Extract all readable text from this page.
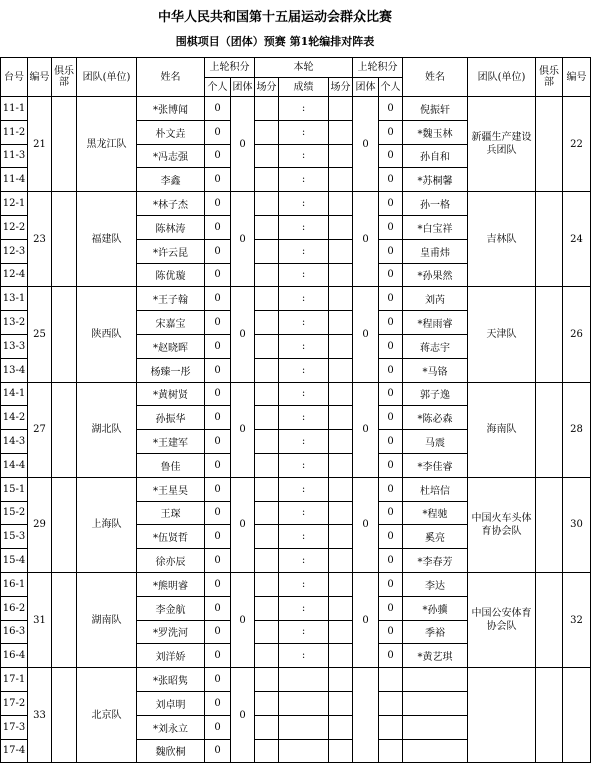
中华人民共和国第十五届运动会群众比赛
围棋项目（团体）预赛 第1轮编排对阵表
台号	编号	俱乐部	团队(单位)	姓名	上轮积分		本轮			上轮积分		姓名	团队(单位)	俱乐部	编号
					个人	团体	场分	成绩	场分	团体	个人				
11-1	21		黑龙江队	*张博闻	0	0		:		0	0	倪振轩	新疆生产建设兵团队		22
11-2				朴文垚	0			:			0	*魏玉林			
11-3				*冯志强	0			:			0	孙自和			
11-4				李鑫	0			:			0	*苏桐馨			
12-1	23		福建队	*林子杰	0	0		:		0	0	孙一格	吉林队		24
12-2				陈林涛	0			:			0	*白宝祥			
12-3				*许云昆	0			:			0	皇甫炜			
12-4				陈优璇	0			:			0	*孙果然			
13-1	25		陕西队	*王子翰	0	0		:		0	0	刘芮	天津队		26
13-2				宋嘉宝	0			:			0	*程雨睿			
13-3				*赵晓晖	0			:			0	蒋志宇			
13-4				杨臻一彤	0			:			0	*马铬			
14-1	27		湖北队	*黄树贤	0	0		:		0	0	郭子逸	海南队		28
14-2				孙振华	0			:			0	*陈必森			
14-3				*王建军	0			:			0	马震			
14-4				鲁佳	0			:			0	*李佳睿			
15-1	29		上海队	*王星昊	0	0		:		0	0	杜培信	中国火车头体育协会队		30
15-2				王琛	0			:			0	*程驰			
15-3				*伍贤哲	0			:			0	奚亮			
15-4				徐亦辰	0			:			0	*李春芳			
16-1	31		湖南队	*熊明睿	0	0		:		0	0	李达	中国公安体育协会队		32
16-2				李金航	0			:			0	*孙骥			
16-3				*罗洗河	0			:			0	季裕			
16-4				刘洋娇	0			:			0	*黄艺琪			
17-1	33		北京队	*张昭隽	0	0									
17-2				刘卓明	0										
17-3				*刘永立	0										
17-4				魏欣桐	0										
